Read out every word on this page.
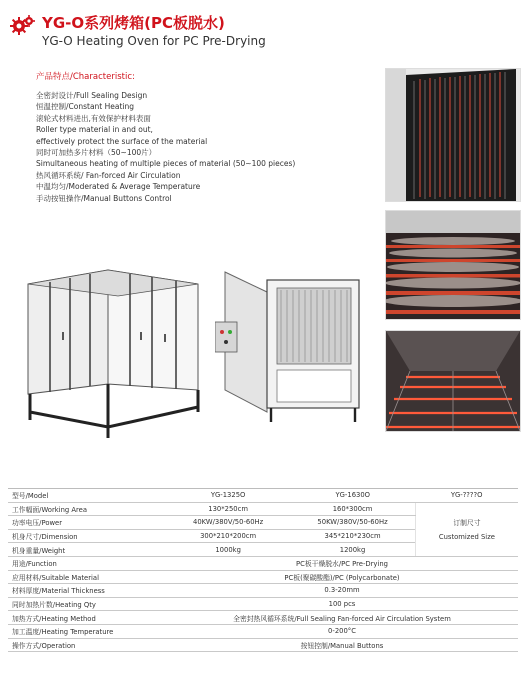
YG-O系列烤箱(PC板脱水)
YG-O Heating Oven for PC Pre-Drying
产品特点/Characteristic:
全密封设计/Full Sealing Design
恒温控制/Constant Heating
滚轮式材料进出,有效保护材料表面
Roller type material in and out,
effectively protect the surface of the material
同时可加热多片材料（50~100片）
Simultaneous heating of multiple pieces of material (50~100 pieces)
热风循环系统/ Fan-forced Air Circulation
中温均匀/Moderated & Average Temperature
手动按钮操作/Manual Buttons Control
型号/Model	YG-1325O	YG-1630O	YG-????O
工作幅面/Working Area	130*250cm	160*300cm	订制尺寸
Customized Size

功率电压/Power	40KW/380V/50-60Hz	50KW/380V/50-60Hz	
机身尺寸/Dimension	300*210*200cm	345*210*230cm	
机身重量/Weight	1000kg	1200kg	
用途/Function	PC板干燥脱水/PC Pre-Drying		
应用材料/Suitable Material	PC板(聚碳酸酯)/PC (Polycarbonate)		
材料厚度/Material Thickness	0.3-20mm		
同时加热片数/Heating Qty	100 pcs		
加热方式/Heating Method	全密封热风循环系统/Full Sealing Fan-forced Air Circulation System		
加工温度/Heating Temperature	0-200°C		
操作方式/Operation	按钮控制/Manual Buttons		
